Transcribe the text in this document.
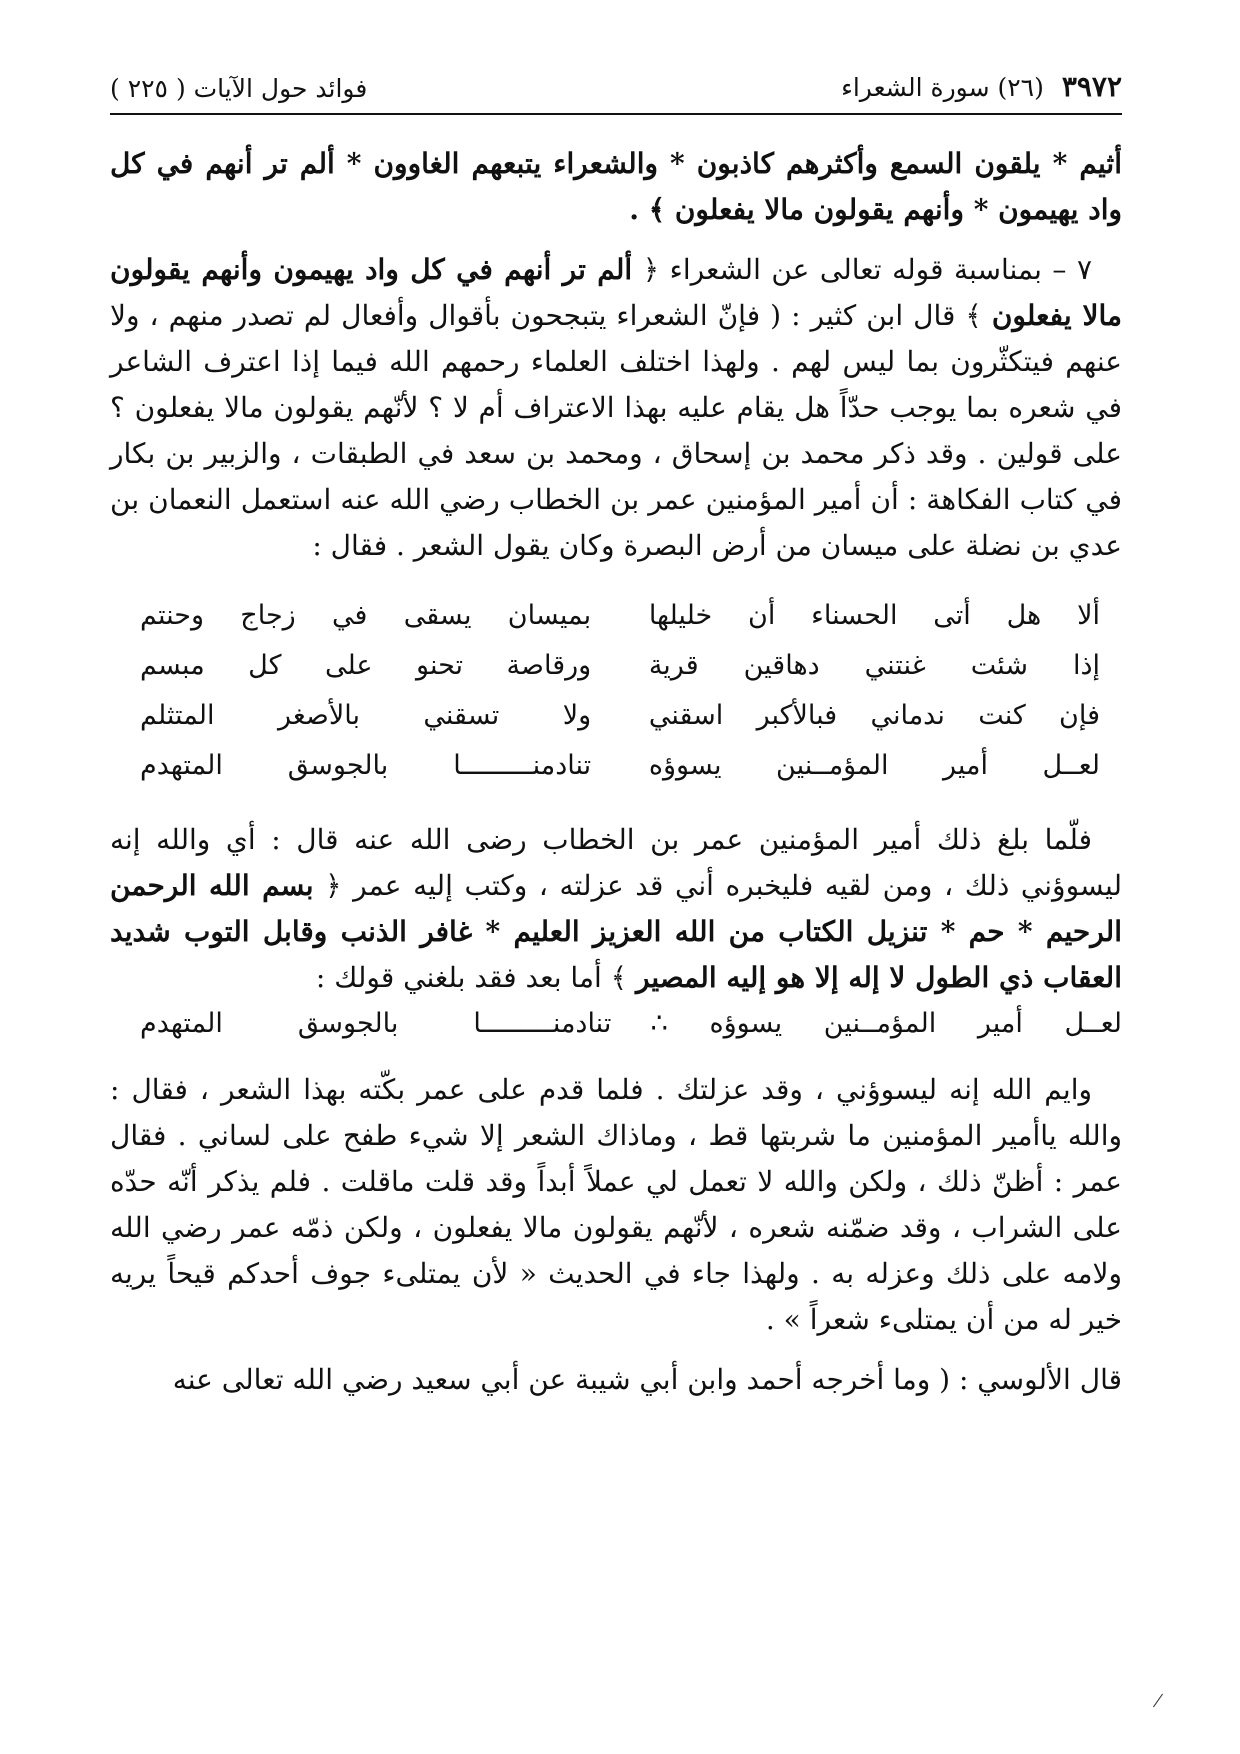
٣٩٧٢
(٢٦) سورة الشعراء
فوائد حول الآيات ( ٢٢٥ )

أثيم * يلقون السمع وأكثرهم كاذبون * والشعراء يتبعهم الغاوون * ألم تر أنهم في كل واد يهيمون * وأنهم يقولون مالا يفعلون ﴾ .

٧ – بمناسبة قوله تعالى عن الشعراء ﴿ ألم تر أنهم في كل واد يهيمون وأنهم يقولون مالا يفعلون ﴾ قال ابن كثير : ( فإنّ الشعراء يتبجحون بأقوال وأفعال لم تصدر منهم ، ولا عنهم فيتكثّرون بما ليس لهم . ولهذا اختلف العلماء رحمهم الله فيما إذا اعترف الشاعر في شعره بما يوجب حدّاً هل يقام عليه بهذا الاعتراف أم لا ؟ لأنّهم يقولون مالا يفعلون ؟ على قولين . وقد ذكر محمد بن إسحاق ، ومحمد بن سعد في الطبقات ، والزبير بن بكار في كتاب الفكاهة : أن أمير المؤمنين عمر بن الخطاب رضي الله عنه استعمل النعمان بن عدي بن نضلة على ميسان من أرض البصرة وكان يقول الشعر . فقال :

ألا هل أتى الحسناء أن خليلها
بميسان يسقى في زجاج وحنتم
إذا شئت غنتني دهاقين قرية
ورقاصة تحنو على كل مبسم
فإن كنت ندماني فبالأكبر اسقني
ولا تسقني بالأصغر المتثلم
لعــل أمير المؤمــنين يسوؤه
تنادمنـــــــــا بالجوسق المتهدم

فلّما بلغ ذلك أمير المؤمنين عمر بن الخطاب رضى الله عنه قال : أي والله إنه ليسوؤني ذلك ، ومن لقيه فليخبره أني قد عزلته ، وكتب إليه عمر ﴿ بسم الله الرحمن الرحيم * حم * تنزيل الكتاب من الله العزيز العليم * غافر الذنب وقابل التوب شديد العقاب ذي الطول لا إله إلا هو إليه المصير ﴾ أما بعد فقد بلغني قولك :

لعــل أمير المؤمــنين يسوؤه ∴
تنادمنـــــــــا بالجوسق المتهدم

وايم الله إنه ليسوؤني ، وقد عزلتك . فلما قدم على عمر بكّته بهذا الشعر ، فقال : والله ياأمير المؤمنين ما شربتها قط ، وماذاك الشعر إلا شيء طفح على لساني . فقال عمر : أظنّ ذلك ، ولكن والله لا تعمل لي عملاً أبداً وقد قلت ماقلت . فلم يذكر أنّه حدّه على الشراب ، وقد ضمّنه شعره ، لأنّهم يقولون مالا يفعلون ، ولكن ذمّه عمر رضي الله ولامه على ذلك وعزله به . ولهذا جاء في الحديث « لأن يمتلىء جوف أحدكم قيحاً يريه خير له من أن يمتلىء شعراً » .

قال الألوسي : ( وما أخرجه أحمد وابن أبي شيبة عن أبي سعيد رضي الله تعالى عنه
